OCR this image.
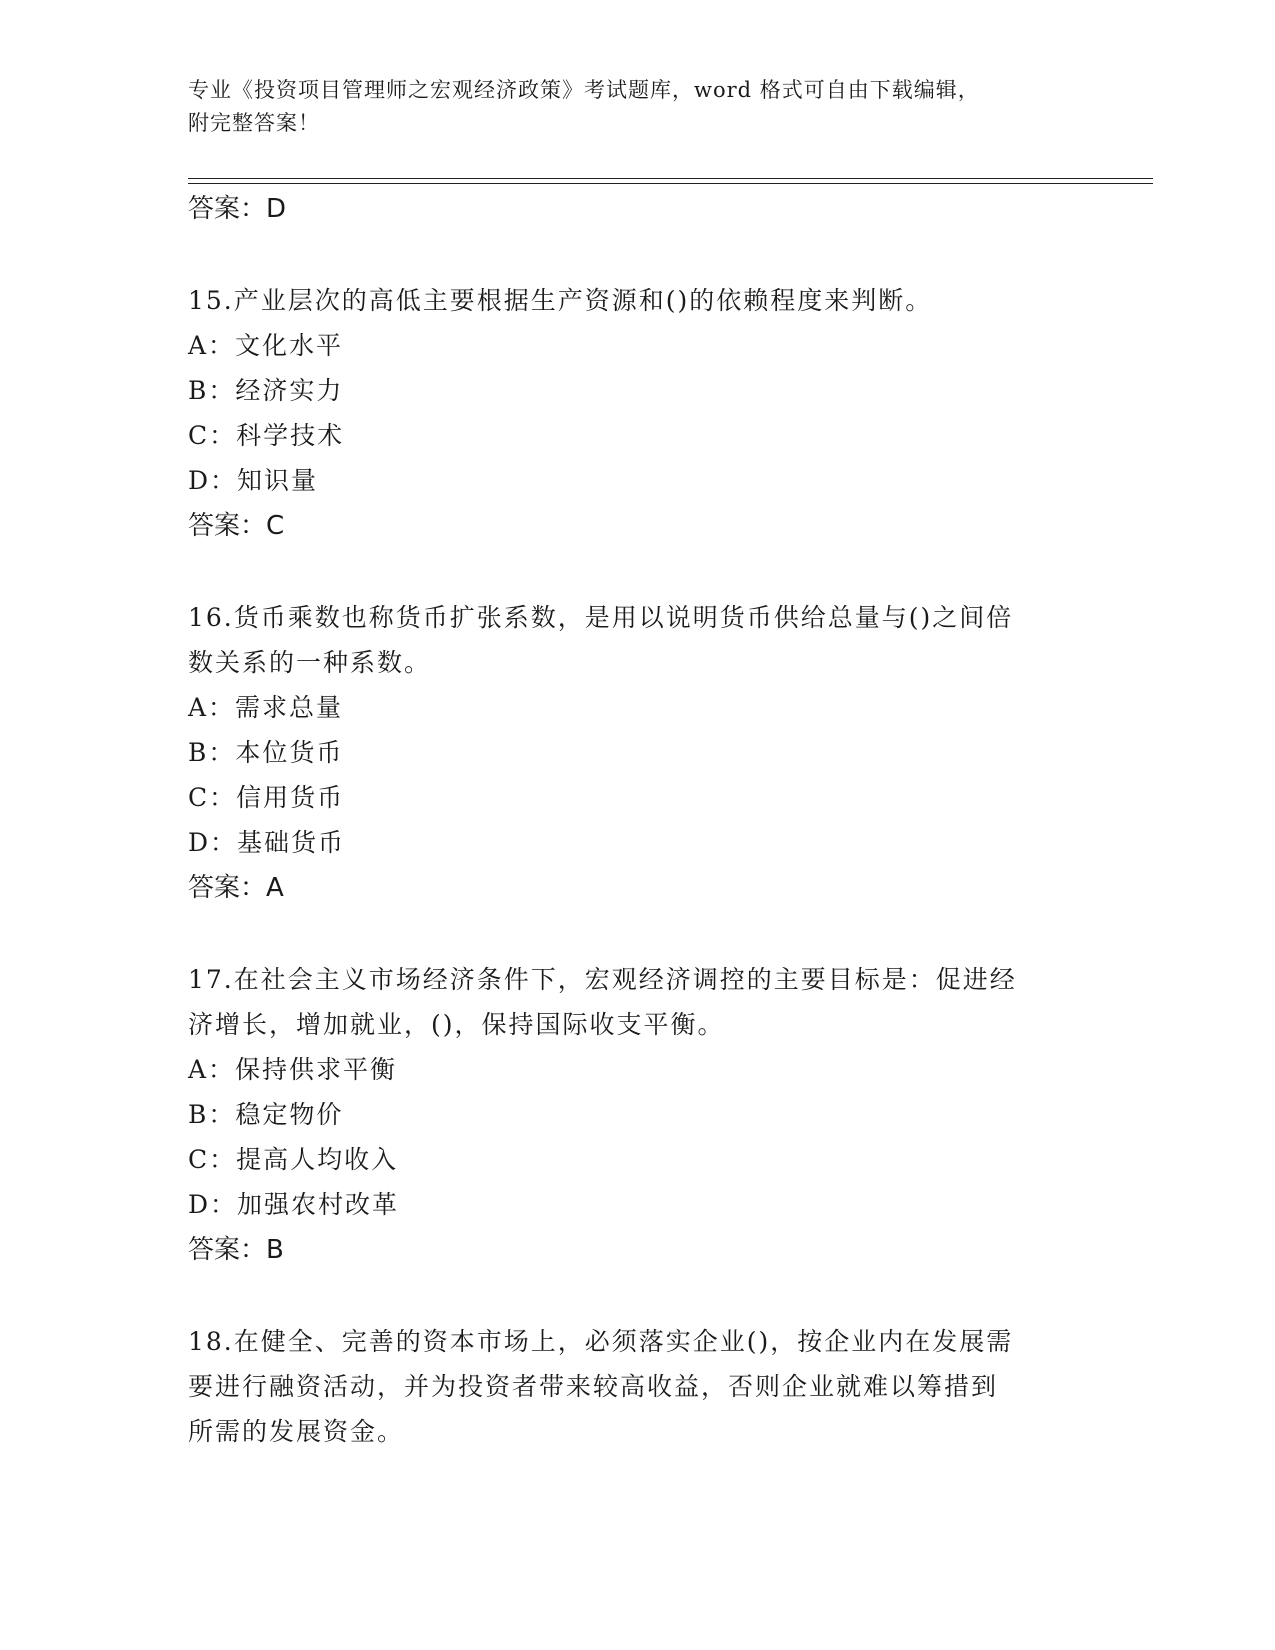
专业《投资项目管理师之宏观经济政策》考试题库，word 格式可自由下载编辑，
附完整答案！

答案：D

15.产业层次的高低主要根据生产资源和()的依赖程度来判断。

A：文化水平

B：经济实力

C：科学技术

D：知识量

答案：C

16.货币乘数也称货币扩张系数，是用以说明货币供给总量与()之间倍

数关系的一种系数。

A：需求总量

B：本位货币

C：信用货币

D：基础货币

答案：A

17.在社会主义市场经济条件下，宏观经济调控的主要目标是：促进经

济增长，增加就业，()，保持国际收支平衡。

A：保持供求平衡

B：稳定物价

C：提高人均收入

D：加强农村改革

答案：B

18.在健全、完善的资本市场上，必须落实企业()，按企业内在发展需

要进行融资活动，并为投资者带来较高收益，否则企业就难以筹措到

所需的发展资金。
